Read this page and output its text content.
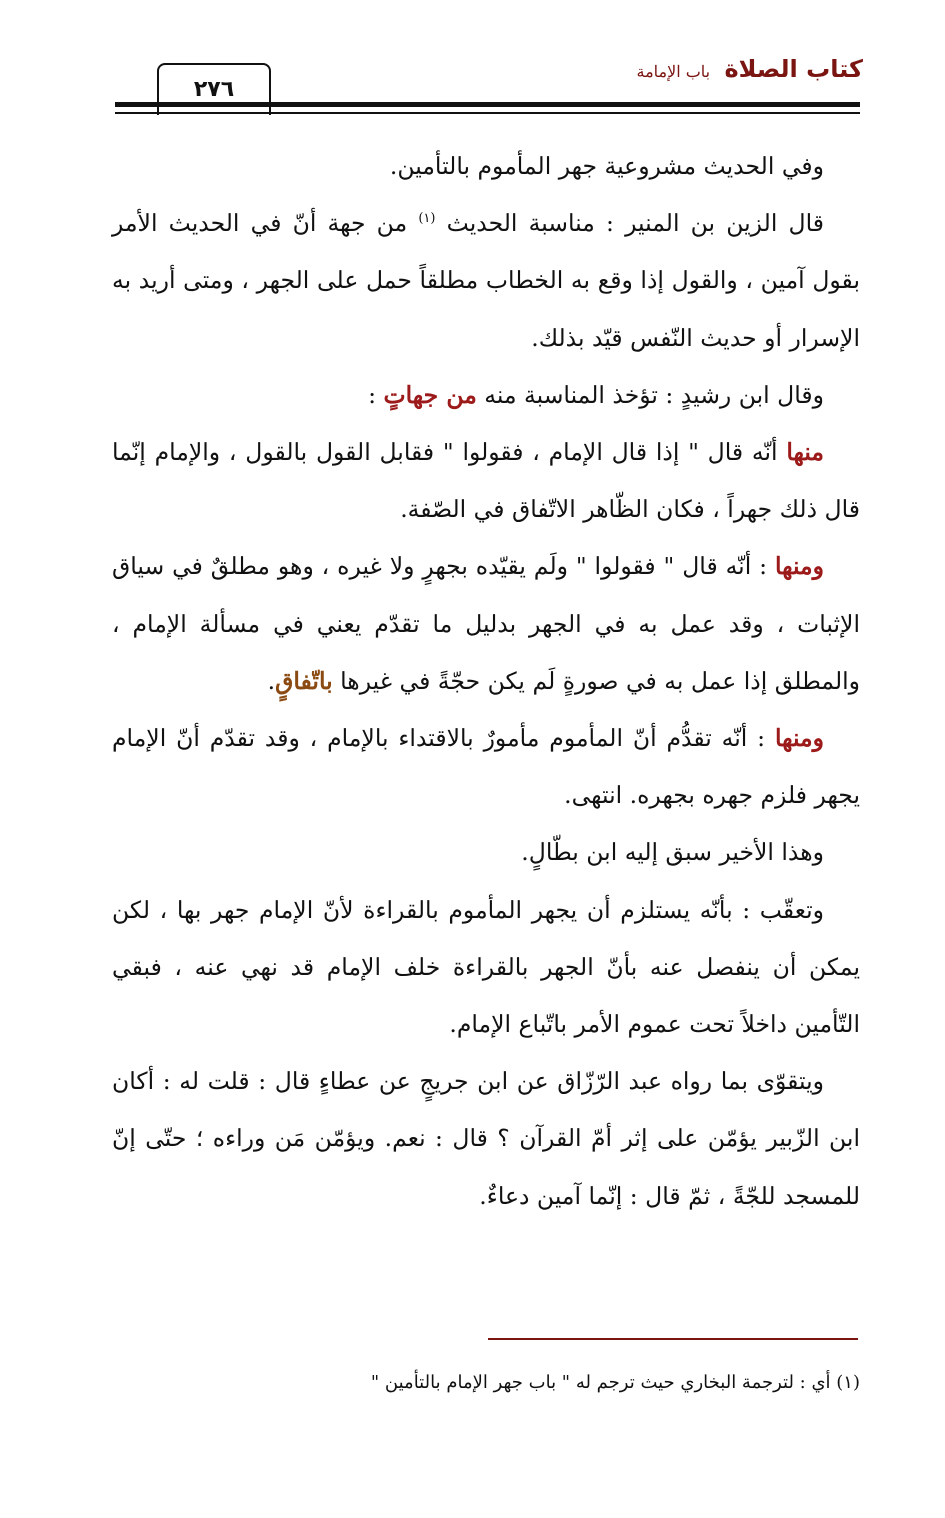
كتاب الصلاة باب الإمامة
٢٧٦

وفي الحديث مشروعية جهر المأموم بالتأمين.

قال الزين بن المنير : مناسبة الحديث $^{(١)}$ من جهة أنّ في الحديث الأمر بقول آمين ، والقول إذا وقع به الخطاب مطلقاً حمل على الجهر ، ومتى أريد به الإسرار أو حديث النّفس قيّد بذلك.

وقال ابن رشيدٍ : تؤخذ المناسبة منه من جهاتٍ :

منها أنّه قال " إذا قال الإمام ، فقولوا " فقابل القول بالقول ، والإمام إنّما قال ذلك جهراً ، فكان الظّاهر الاتّفاق في الصّفة.

ومنها : أنّه قال " فقولوا " ولَم يقيّده بجهرٍ ولا غيره ، وهو مطلقٌ في سياق الإثبات ، وقد عمل به في الجهر بدليل ما تقدّم يعني في مسألة الإمام ، والمطلق إذا عمل به في صورةٍ لَم يكن حجّةً في غيرها باتّفاقٍ.

ومنها : أنّه تقدُّم أنّ المأموم مأمورٌ بالاقتداء بالإمام ، وقد تقدّم أنّ الإمام يجهر فلزم جهره بجهره. انتهى.

وهذا الأخير سبق إليه ابن بطّالٍ.

وتعقّب : بأنّه يستلزم أن يجهر المأموم بالقراءة لأنّ الإمام جهر بها ، لكن يمكن أن ينفصل عنه بأنّ الجهر بالقراءة خلف الإمام قد نهي عنه ، فبقي التّأمين داخلاً تحت عموم الأمر باتّباع الإمام.

ويتقوّى بما رواه عبد الرّزّاق عن ابن جريجٍ عن عطاءٍ قال : قلت له : أكان ابن الزّبير يؤمّن على إثر أمّ القرآن ؟ قال : نعم. ويؤمّن مَن وراءه ؛ حتّى إنّ للمسجد للجّةً ، ثمّ قال : إنّما آمين دعاءٌ.

(١) أي : لترجمة البخاري حيث ترجم له " باب جهر الإمام بالتأمين "
